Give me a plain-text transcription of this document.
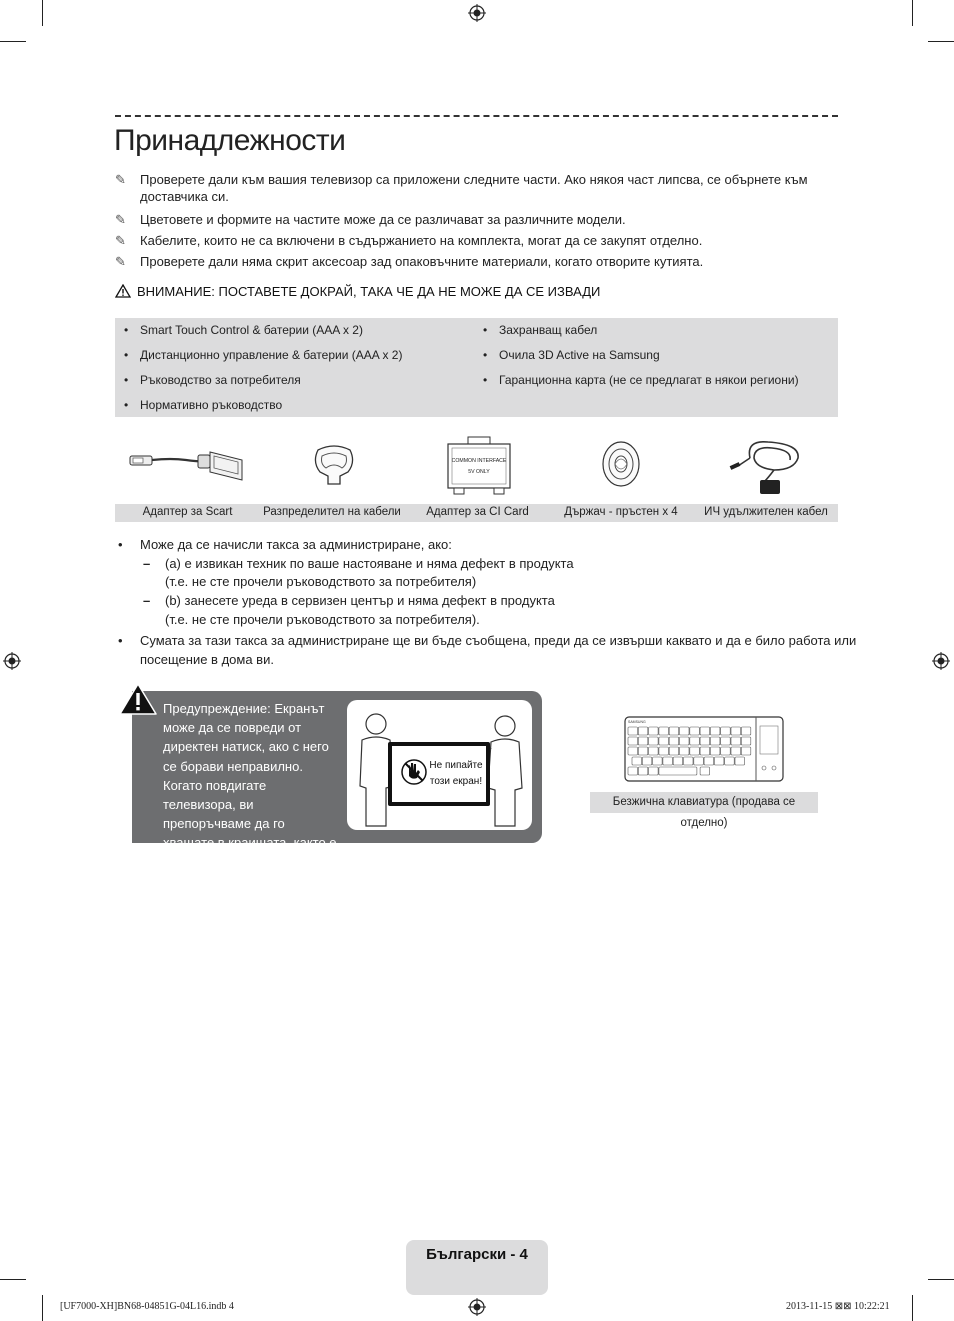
Принадлежности
✎	Проверете дали към вашия телевизор са приложени следните части. Ако някоя част липсва, се обърнете към доставчика си.
✎	Цветовете и формите на частите може да се различават за различните модели.
✎	Кабелите, които не са включени в съдържанието на комплекта, могат да се закупят отделно.
✎	Проверете дали няма скрит аксесоар зад опаковъчните материали, когато отворите кутията.
ВНИМАНИЕ: ПОСТАВЕТЕ ДОКРАЙ, ТАКА ЧЕ ДА НЕ МОЖЕ ДА СЕ ИЗВАДИ
• Smart Touch Control & батерии (AAA x 2)
• Дистанционно управление & батерии (AAA x 2)
• Ръководство за потребителя
• Нормативно ръководство
• Захранващ кабел
• Очила 3D Active на Samsung
• Гаранционна карта (не се предлагат в някои региони)
COMMON INTERFACE
5V ONLY
Адаптер за Scart	Разпределител на кабели	Адаптер за CI Card	Държач - пръстен x 4	ИЧ удължителен кабел
• Може да се начисли такса за администриране, ако:
– (a) е извикан техник по ваше настояване и няма дефект в продукта
(т.е. не сте прочели ръководството за потребителя)
– (b) занесете уреда в сервизен център и няма дефект в продукта
(т.е. не сте прочели ръководството за потребителя).
• Сумата за тази такса за администриране ще ви бъде съобщена, преди да се извърши каквато и да е било работа или
посещение в дома ви.
Предупреждение: Екранът може да се повреди от директен натиск, ако с него се борави неправилно. Когато повдигате телевизора, ви препоръчваме да го хващате в краищата, както е показно.
Не пипайте
този екран!
SAMSUNG
Безжична клавиатура (продава се отделно)
Български - 4
[UF7000-XH]BN68-04851G-04L16.indb 4	2013-11-15 ⊠⊠ 10:22:21
